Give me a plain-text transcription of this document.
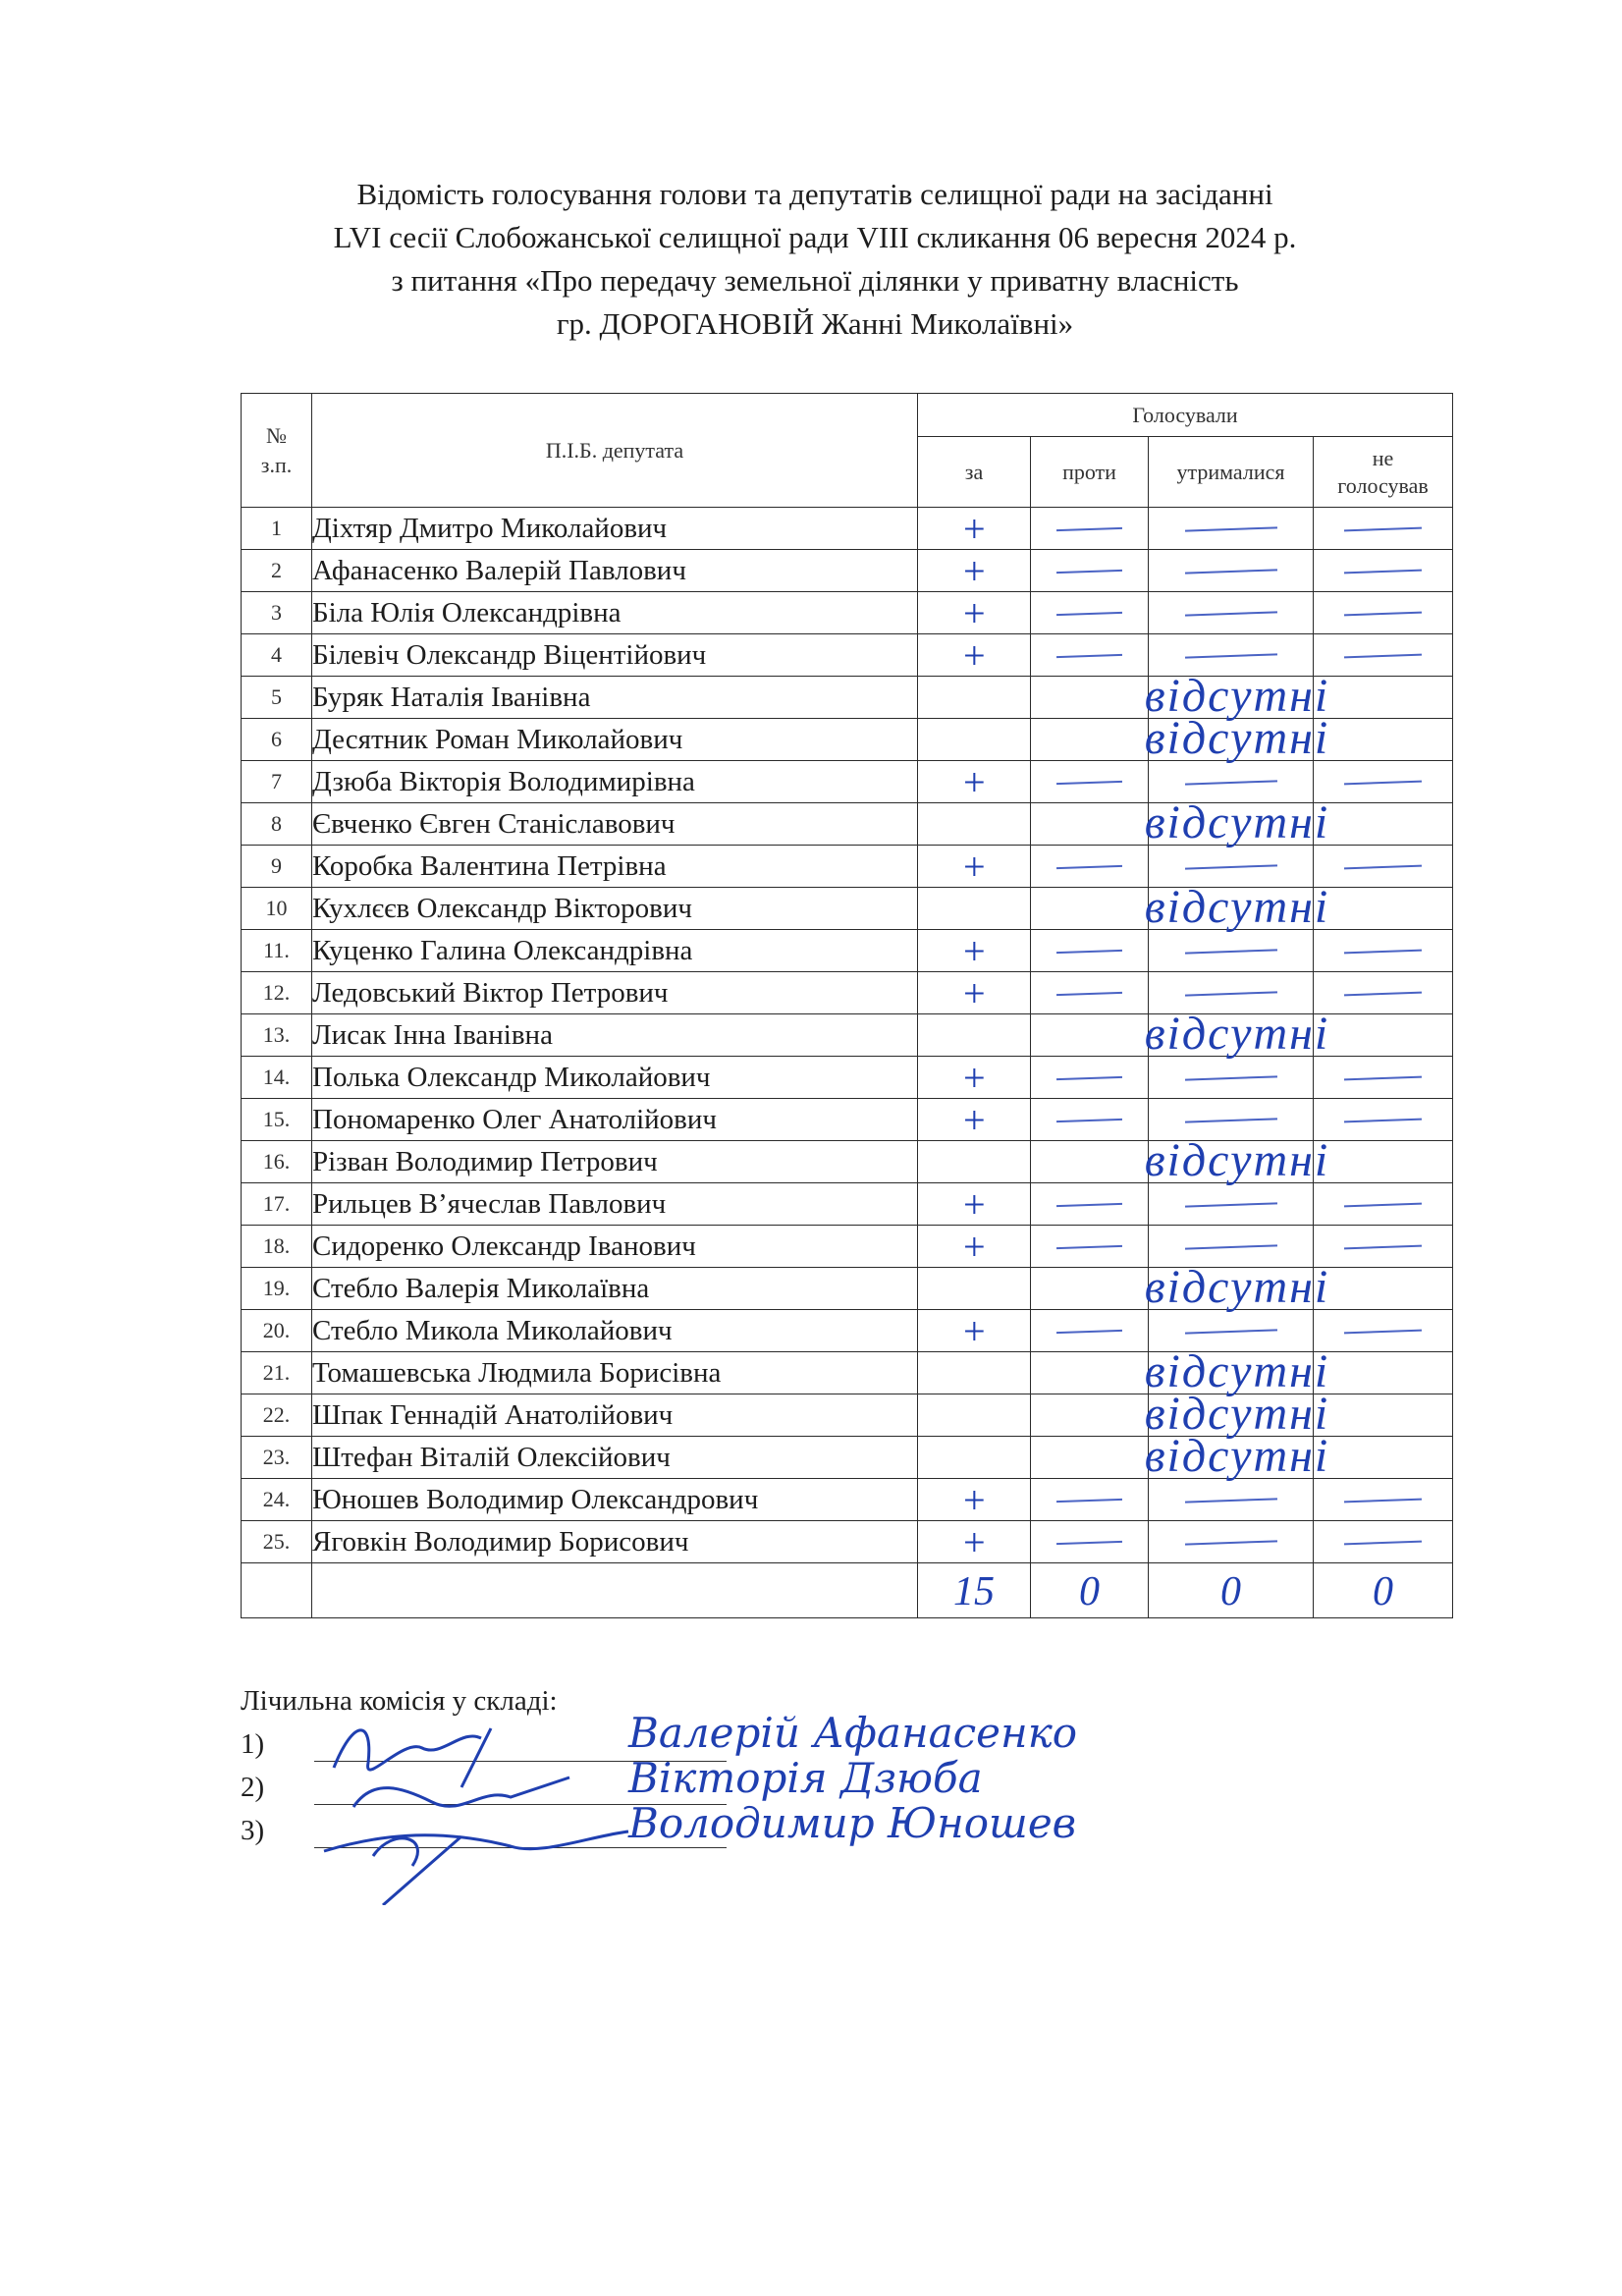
Відомість голосування голови та депутатів селищної ради на засіданні
LVI сесії Слобожанської селищної ради VIII скликання 06 вересня 2024 р.
з питання «Про передачу земельної ділянки у приватну власність
гр. ДОРОГАНОВІЙ Жанні Миколаївні»
№ з.п.	П.І.Б. депутата	Голосували			
		за	проти	утрималися	не голосував
1	Діхтяр Дмитро Миколайович	+			

2	Афанасенко Валерій Павлович	+			

3	Біла Юлія Олександрівна	+			

4	Білевіч Олександр Віцентійович	+			

5	Буряк Наталія Іванівна		відсутні		

6	Десятник Роман Миколайович		відсутні		

7	Дзюба Вікторія Володимирівна	+			

8	Євченко Євген Станіславович		відсутні		

9	Коробка Валентина Петрівна	+			

10	Кухлєєв Олександр Вікторович		відсутні		

11.	Куценко Галина Олександрівна	+			

12.	Ледовський Віктор Петрович	+			

13.	Лисак Інна Іванівна		відсутні		

14.	Полька Олександр Миколайович	+			

15.	Пономаренко Олег Анатолійович	+			

16.	Різван Володимир Петрович		відсутні		

17.	Рильцев В’ячеслав Павлович	+			

18.	Сидоренко Олександр Іванович	+			

19.	Стебло Валерія Миколаївна		відсутні		

20.	Стебло Микола Миколайович	+			

21.	Томашевська Людмила Борисівна		відсутні		

22.	Шпак Геннадій Анатолійович		відсутні		

23.	Штефан Віталій Олексійович		відсутні		

24.	Юношев Володимир Олександрович	+			

25.	Яговкін Володимир Борисович	+			

		15	0	0	0
Лічильна комісія у складі:
1)
2)
3)
Валерій Афанасенко
Вікторія Дзюба
Володимир Юношев
